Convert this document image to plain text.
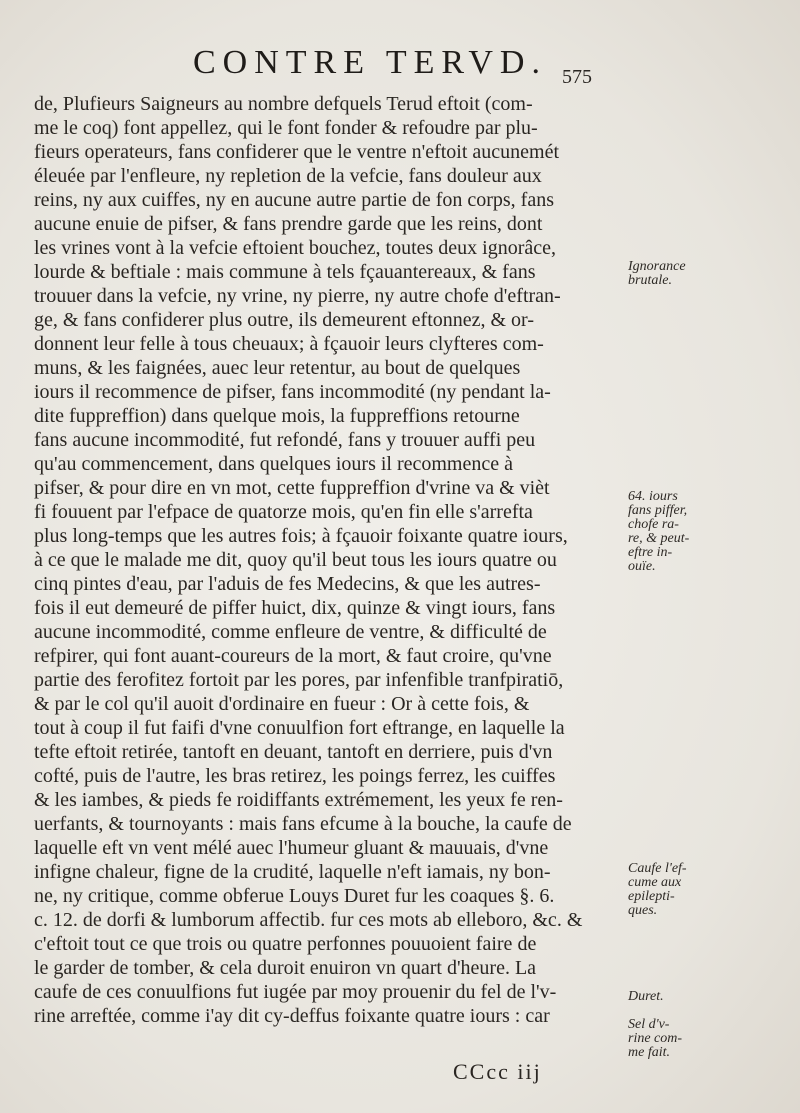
CONTRE TERVD. 575
de, Plufieurs Saigneurs au nombre defquels Terud eftoit (com-
me le coq) font appellez, qui le font fonder & refoudre par plu-
fieurs operateurs, fans confiderer que le ventre n'eftoit aucunemét
éleuée par l'enfleure, ny repletion de la vefcie, fans douleur aux
reins, ny aux cuiffes, ny en aucune autre partie de fon corps, fans
aucune enuie de pifser, & fans prendre garde que les reins, dont
les vrines vont à la vefcie eftoient bouchez, toutes deux ignorâce,
lourde & beftiale : mais commune à tels fçauantereaux, & fans
trouuer dans la vefcie, ny vrine, ny pierre, ny autre chofe d'eftran-
ge, & fans confiderer plus outre, ils demeurent eftonnez, & or-
donnent leur felle à tous cheuaux; à fçauoir leurs clyfteres com-
muns, & les faignées, auec leur retentur, au bout de quelques
iours il recommence de pifser, fans incommodité (ny pendant la-
dite fuppreffion) dans quelque mois, la fuppreffions retourne
fans aucune incommodité, fut refondé, fans y trouuer auffi peu
qu'au commencement, dans quelques iours il recommence à
pifser, & pour dire en vn mot, cette fuppreffion d'vrine va & vièt
fi fouuent par l'efpace de quatorze mois, qu'en fin elle s'arrefta
plus long-temps que les autres fois; à fçauoir foixante quatre iours,
à ce que le malade me dit, quoy qu'il beut tous les iours quatre ou
cinq pintes d'eau, par l'aduis de fes Medecins, & que les autres-
fois il eut demeuré de piffer huict, dix, quinze & vingt iours, fans
aucune incommodité, comme enfleure de ventre, & difficulté de
refpirer, qui font auant-coureurs de la mort, & faut croire, qu'vne
partie des ferofitez fortoit par les pores, par infenfible tranfpiratiō,
& par le col qu'il auoit d'ordinaire en fueur : Or à cette fois, &
tout à coup il fut faifi d'vne conuulfion fort eftrange, en laquelle la
tefte eftoit retirée, tantoft en deuant, tantoft en derriere, puis d'vn
cofté, puis de l'autre, les bras retirez, les poings ferrez, les cuiffes
& les iambes, & pieds fe roidiffants extrémement, les yeux fe ren-
uerfants, & tournoyants : mais fans efcume à la bouche, la caufe de
laquelle eft vn vent mélé auec l'humeur gluant & mauuais, d'vne
infigne chaleur, figne de la crudité, laquelle n'eft iamais, ny bon-
ne, ny critique, comme obferue Louys Duret fur les coaques §. 6.
c. 12. de dorfi & lumborum affectib. fur ces mots ab elleboro, &c. &
c'eftoit tout ce que trois ou quatre perfonnes pouuoient faire de
le garder de tomber, & cela duroit enuiron vn quart d'heure. La
caufe de ces conuulfions fut iugée par moy prouenir du fel de l'v-
rine arreftée, comme i'ay dit cy-deffus foixante quatre iours : car
Ignorance
brutale.
64. iours
fans piffer,
chofe ra-
re, & peut-
eftre in-
ouïe.
Caufe l'ef-
cume aux
epilepti-
ques.
Duret.
Sel d'v-
rine com-
me fait.
CCcc iij
